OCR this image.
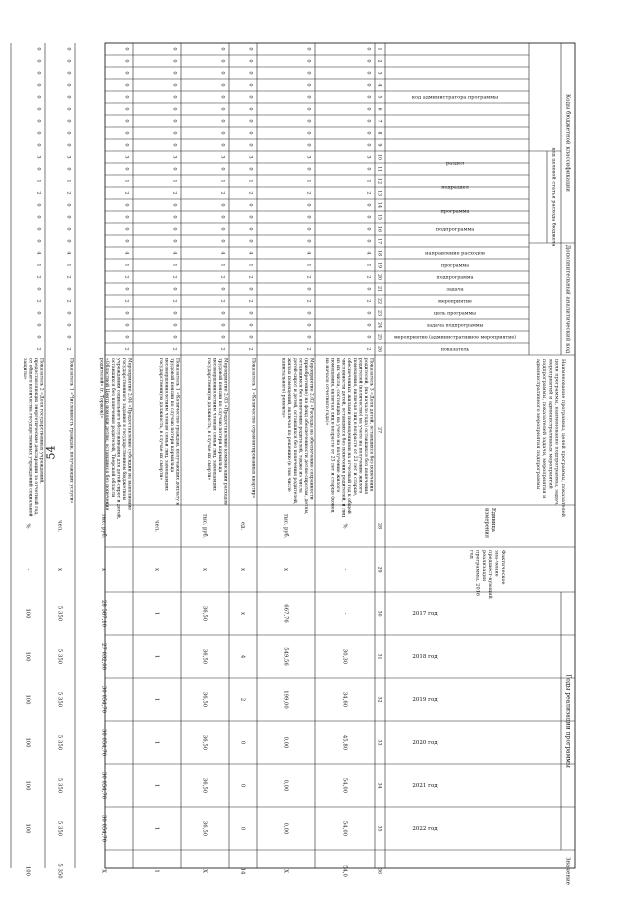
54
Коды бюджетной классификации
код целевой статьи расхода бюджета
Дополнительный аналитический код
Годы реализации программы
код администратора программы
раздел
подраздел
программа
подпрограмма
направление расходов
программа
подпрограмма
задача
мероприятие
цель программы
задача подпрограммы
мероприятие (административное мероприятие)
показатель
Наименование программы, целей программы, показателей
цели программы, наименование подпрограммы, задач,
мероприятий и административных мероприятий
подпрограммы, показателей задачи, мероприятия и
административного мероприятия подпрограммы
Единица
измерения
Фактическое
зна-чение
предшест-вующий
реализации
программы, 2016
год
2017 год
2018 год
2019 год
2020 год
2021 год
2022 год
Значение
1
2
3
4
5
6
7
8
9
10
11
12
13
14
15
16
17
18
19
20
21
22
23
24
25
26
27
28
29
30
31
32
33
34
35
36
0
0
0
0
0
0
0
0
0
3
0
1
2
0
0
0
0
4
1
2
0
2
0
0
0
2
Показатель 3 «Доля детей, оставшихся без попечения
родителей, (на начало года) оставшихся без попечения
родителей (количество) на учете на получение жилого
помещения, включая лиц в возрасте от 23 лет и старше,
обеспеченных жилыми помещениями на отчетный год к общей
численности детей, оставшихся без попечения родителей, и лиц
из их числа, состоящих на учете на получение жилого
помещения, включая лиц в возрасте от 23 лет и старше (конец
на начало отчетного года)»
%
-
-
30,30
34,60
45,80
54,00
54,00
54,0
0
0
0
0
0
0
0
0
0
3
0
1
2
0
0
0
0
4
1
2
0
2
0
0
0
2
Мероприятие 2.02 «Расходы на обеспечение сохранности
(приобретение) на фонд обеспеченности детям-сиротам, детям,
оставшимся без попечения родителей, также из числа
детей-сирот и детей, оставшихся без попечения родителей,
жилых помещений, включая по решению (в том числе
капитального) ремонта»
тыс. руб.
х
667,76
549,56
199,00
0,00
0,00
0,00
Х
0
0
0
0
0
0
0
0
0
3
0
1
2
0
0
0
0
4
1
2
0
2
0
0
0
2
Показатель 1 «Количество отремонтированных квартир»
ед.
х
х
4
2
0
0
0
14
0
0
0
0
0
0
0
0
0
3
0
1
2
0
0
0
0
4
1
2
0
2
0
0
0
2
Мероприятие 2.03 «Предоставление компенсации расходов
трудовой пенсии по случаю потери кормильца
несовершеннолетним членам семьи лиц, замещавших
государственную должность, в случае их смерти»
тыс. руб.
х
36,50
36,50
36,50
36,50
36,50
36,50
Х
0
0
0
0
0
0
0
0
0
3
0
1
2
0
0
0
0
4
1
2
0
2
0
0
0
2
Показатель 1 «Количество граждан, получающих доплату к
трудовой пенсии по случаю потери кормильца
несовершеннолетним членам семьи лиц, замещавших
государственную должность, в случае их смерти»
чел.
х
1
1
1
1
1
1
1
0
0
0
0
0
0
0
0
0
3
0
1
2
0
0
0
0
4
1
2
0
2
0
0
0
2
Мероприятие 2.04 «Предоставление субсидии на выполнение
государственного задания в государственном бюджетном
учреждении социального обслуживания для детей-сирот и детей,
оставшихся без попечения родителей, Тверской области
«Областной Центр помощи детям, оставшимся без попечения
родителей» (г. Торжок)»
тыс. руб.
х
28 587,10
27 032,00
30 054,70
30 054,70
30 054,70
30 054,70
Х
0
0
0
0
0
0
0
0
0
3
0
1
2
0
0
0
0
4
1
2
0
2
0
0
0
2
Показатель 1 «Численность граждан, получающих услуги»
чел.
х
5 350
5 350
5 350
5 350
5 350
5 350
5 350
0
0
0
0
0
0
0
0
0
3
0
1
2
0
0
0
0
4
1
2
0
2
0
0
0
2
Показатель 2 «Доля государственных учреждений,
предоставляющих энергетические декларации за отчетный год,
от общего количества государственных учреждений социальной
защиты»
%
-
100
100
100
100
100
100
100
